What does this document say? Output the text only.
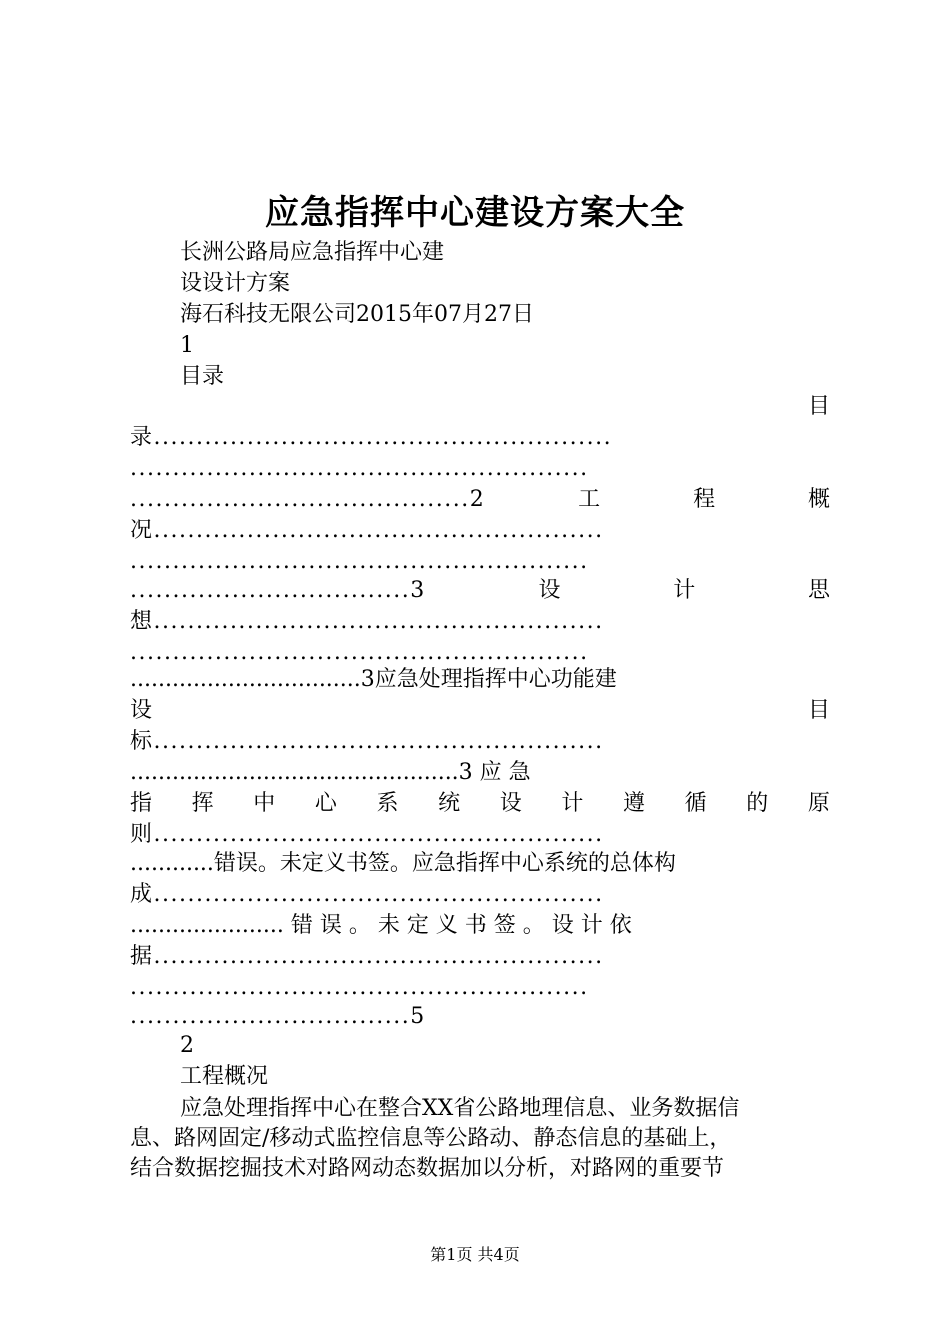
应急指挥中心建设方案大全
长洲公路局应急指挥中心建
设设计方案
海石科技无限公司2015年07月27日
1
目录
目
录......................................................
......................................................
........................................2	工	程	概
况.....................................................
......................................................
.................................3	设	计	思
想.....................................................
......................................................
.................................3应急处理指挥中心功能建
设	目
标.....................................................
...............................................3 应 急
指 挥 中 心 系 统 设 计 遵 循 的 原
则.....................................................
............错误。未定义书签。应急指挥中心系统的总体构
成.....................................................
...................... 错 误 。 未 定 义 书 签 。 设 计 依
据.....................................................
......................................................
.................................5
2
工程概况
应急处理指挥中心在整合XX省公路地理信息、业务数据信
息、路网固定/移动式监控信息等公路动、静态信息的基础上，
结合数据挖掘技术对路网动态数据加以分析，对路网的重要节
第1页 共4页
